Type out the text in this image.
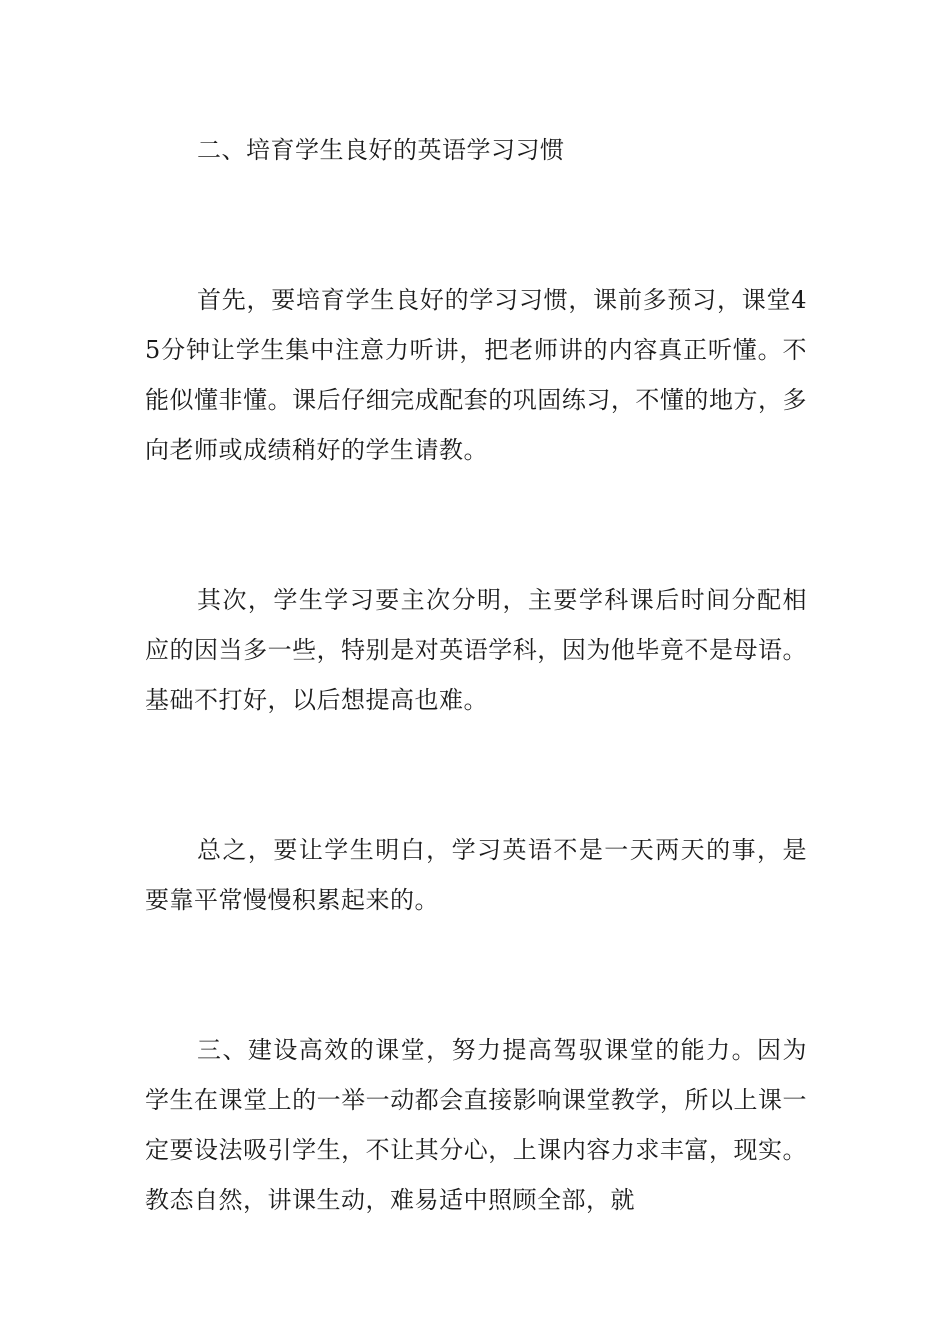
二、培育学生良好的英语学习习惯

首先，要培育学生良好的学习习惯，课前多预习，课堂45分钟让学生集中注意力听讲，把老师讲的内容真正听懂。不能似懂非懂。课后仔细完成配套的巩固练习，不懂的地方，多向老师或成绩稍好的学生请教。

其次，学生学习要主次分明，主要学科课后时间分配相应的因当多一些，特别是对英语学科，因为他毕竟不是母语。基础不打好，以后想提高也难。

总之，要让学生明白，学习英语不是一天两天的事，是要靠平常慢慢积累起来的。

三、建设高效的课堂，努力提高驾驭课堂的能力。因为学生在课堂上的一举一动都会直接影响课堂教学，所以上课一定要设法吸引学生，不让其分心，上课内容力求丰富，现实。教态自然，讲课生动，难易适中照顾全部，就
